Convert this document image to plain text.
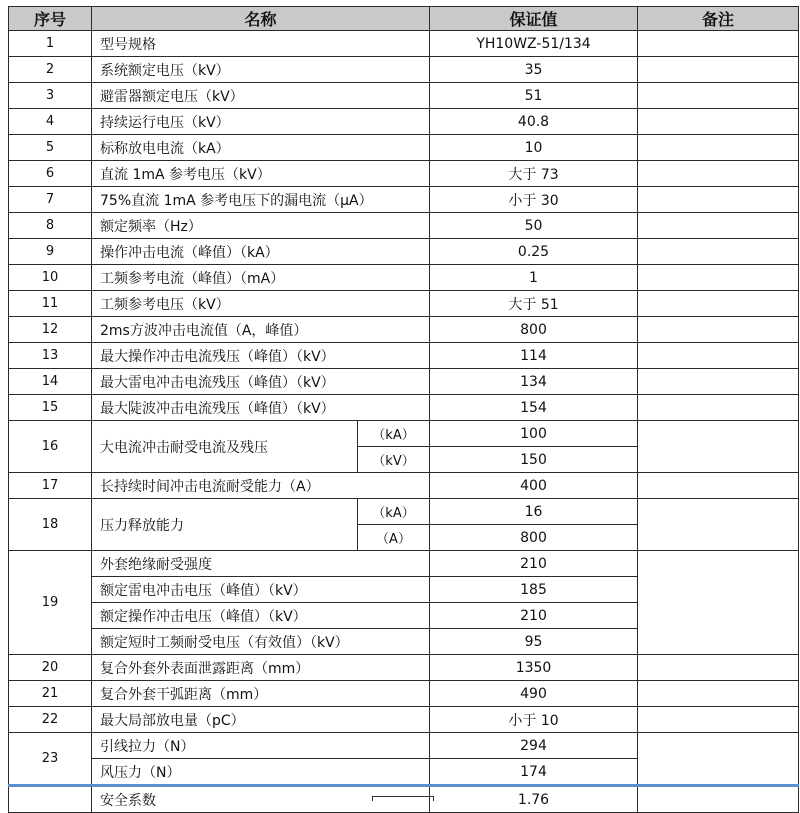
序号	名称		保证值	备注
1	型号规格		YH10WZ-51/134	
2	系统额定电压（kV）		35	
3	避雷器额定电压（kV）		51	
4	持续运行电压（kV）		40.8	
5	标称放电电流（kA）		10	
6	直流 1mA 参考电压（kV）		大于 73	
7	75%直流 1mA 参考电压下的漏电流（μA）		小于 30	
8	额定频率（Hz）		50	
9	操作冲击电流（峰值）（kA）		0.25	
10	工频参考电流（峰值）（mA）		1	
11	工频参考电压（kV）		大于 51	
12	2ms方波冲击电流值（A，峰值）		800	
13	最大操作冲击电流残压（峰值）（kV）		114	
14	最大雷电冲击电流残压（峰值）（kV）		134	
15	最大陡波冲击电流残压（峰值）（kV）		154	
16	大电流冲击耐受电流及残压	（kA）	100	
		（kV）	150	
17	长持续时间冲击电流耐受能力（A）		400	
18	压力释放能力	（kA）	16	
		（A）	800	
19	外套绝缘耐受强度		210	
	额定雷电冲击电压（峰值）（kV）		185	
	额定操作冲击电压（峰值）（kV）		210	
	额定短时工频耐受电压（有效值）（kV）		95	
20	复合外套外表面泄露距离（mm）		1350	
21	复合外套干弧距离（mm）		490	
22	最大局部放电量（pC）		小于 10	
23	引线拉力（N）		294	
	风压力（N）		174	
	安全系数		1.76	
